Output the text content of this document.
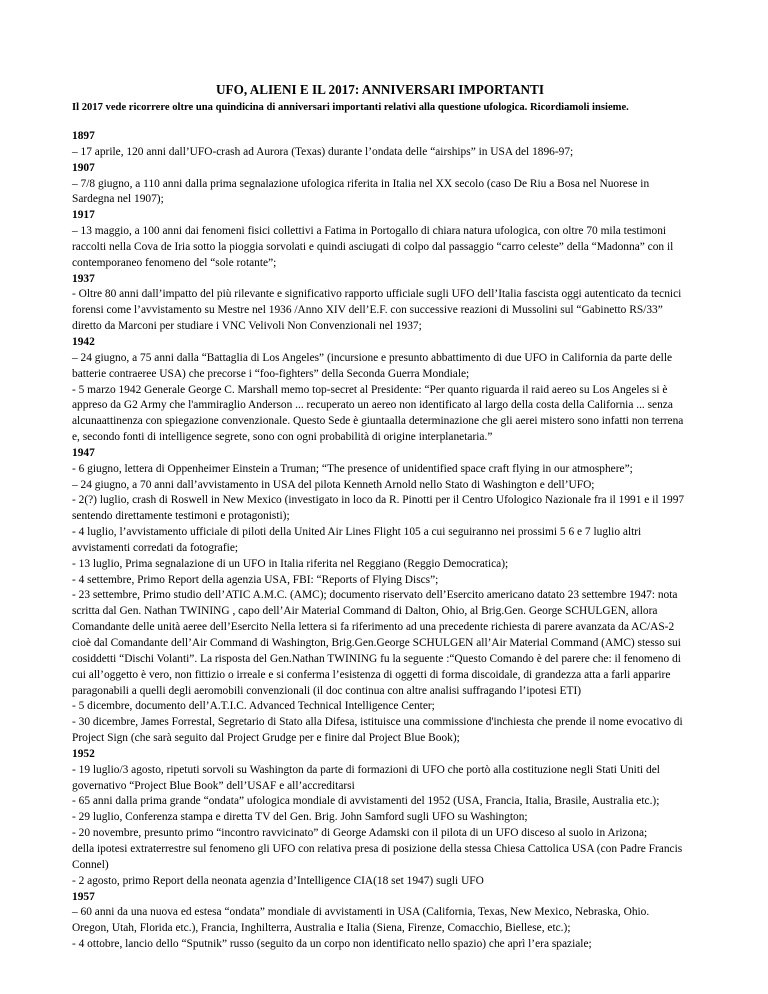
UFO, ALIENI E IL 2017: ANNIVERSARI IMPORTANTI
Il 2017 vede ricorrere oltre una quindicina di anniversari importanti relativi alla questione ufologica. Ricordiamoli insieme.
1897
– 17 aprile, 120 anni dall’UFO-crash ad Aurora (Texas) durante l’ondata delle “airships” in USA del 1896-97;
1907
– 7/8 giugno, a 110 anni dalla prima segnalazione ufologica riferita in Italia nel XX secolo (caso De Riu a Bosa nel Nuorese in Sardegna nel 1907);
1917
– 13 maggio, a 100 anni dai fenomeni fisici collettivi a Fatima in Portogallo di chiara natura ufologica, con oltre 70 mila testimoni raccolti nella Cova de Iria sotto la pioggia sorvolati e quindi asciugati di colpo dal passaggio “carro celeste” della “Madonna” con il contemporaneo fenomeno del “sole rotante”;
1937
- Oltre 80 anni dall’impatto del più rilevante e significativo rapporto ufficiale sugli UFO dell’Italia fascista oggi autenticato da tecnici forensi come l’avvistamento su Mestre nel 1936 /Anno XIV dell’E.F. con successive reazioni di Mussolini sul “Gabinetto RS/33” diretto da Marconi per studiare i VNC Velivoli Non Convenzionali nel 1937;
1942
– 24 giugno, a 75 anni dalla “Battaglia di Los Angeles” (incursione e presunto abbattimento di due UFO in California da parte delle batterie contraeree USA) che precorse i “foo-fighters” della Seconda Guerra Mondiale;
- 5 marzo 1942 Generale George C. Marshall memo top-secret al Presidente: “Per quanto riguarda il raid aereo su Los Angeles si è appreso da G2 Army che l'ammiraglio Anderson ... recuperato un aereo non identificato al largo della costa della California ... senza alcunaattinenza con spiegazione convenzionale. Questo Sede è giuntaalla determinazione che gli aerei mistero sono infatti non terrena e, secondo fonti di intelligence segrete, sono con ogni probabilità di origine interplanetaria.”
1947
- 6 giugno, lettera di Oppenheimer Einstein a Truman; “The presence of unidentified space craft flying in our atmosphere”;
– 24 giugno, a 70 anni dall’avvistamento in USA del pilota Kenneth Arnold nello Stato di Washington e dell’UFO;
- 2(?) luglio, crash di Roswell in New Mexico (investigato in loco da R. Pinotti per il Centro Ufologico Nazionale fra il 1991 e il 1997 sentendo direttamente testimoni e protagonisti);
- 4 luglio, l’avvistamento ufficiale di piloti della United Air Lines Flight 105 a cui seguiranno nei prossimi 5 6 e 7 luglio altri avvistamenti corredati da fotografie;
- 13 luglio, Prima segnalazione di un UFO in Italia riferita nel Reggiano (Reggio Democratica);
- 4 settembre, Primo Report della agenzia USA, FBI: “Reports of Flying Discs”;
- 23 settembre, Primo studio dell’ATIC A.M.C. (AMC); documento riservato dell’Esercito americano datato 23 settembre 1947: nota scritta dal Gen. Nathan TWINING , capo dell’Air Material Command di Dalton, Ohio, al Brig.Gen. George SCHULGEN, allora Comandante delle unità aeree dell’Esercito Nella lettera si fa riferimento ad una precedente richiesta di parere avanzata da AC/AS-2 cioè dal Comandante dell’Air Command di Washington, Brig.Gen.George SCHULGEN all’Air Material Command (AMC) stesso sui cosiddetti “Dischi Volanti”. La risposta del Gen.Nathan TWINING fu la seguente :“Questo Comando è del parere che: il fenomeno di cui all’oggetto è vero, non fittizio o irreale e si conferma l’esistenza di oggetti di forma discoidale, di grandezza atta a farli apparire paragonabili a quelli degli aeromobili convenzionali (il doc continua con altre analisi suffragando l’ipotesi ETI)
- 5 dicembre, documento dell’A.T.I.C. Advanced Technical Intelligence Center;
- 30 dicembre, James Forrestal, Segretario di Stato alla Difesa, istituisce una commissione d'inchiesta che prende il nome evocativo di Project Sign (che sarà seguito dal Project Grudge per e finire dal Project Blue Book);
1952
- 19 luglio/3 agosto, ripetuti sorvoli su Washington da parte di formazioni di UFO che portò alla costituzione negli Stati Uniti del governativo “Project Blue Book” dell’USAF e all’accreditarsi
- 65 anni dalla prima grande “ondata” ufologica mondiale di avvistamenti del 1952 (USA, Francia, Italia, Brasile, Australia etc.);
- 29 luglio, Conferenza stampa e diretta TV del Gen. Brig. John Samford sugli UFO su Washington;
- 20 novembre, presunto primo “incontro ravvicinato” di George Adamski con il pilota di un UFO disceso al suolo in Arizona;
della ipotesi extraterrestre sul fenomeno gli UFO con relativa presa di posizione della stessa Chiesa Cattolica USA (con Padre Francis Connel)
- 2 agosto, primo Report della neonata agenzia d’Intelligence CIA(18 set 1947) sugli UFO
1957
– 60 anni da una nuova ed estesa “ondata” mondiale di avvistamenti in USA (California, Texas, New Mexico, Nebraska, Ohio. Oregon, Utah, Florida etc.), Francia, Inghilterra, Australia e Italia (Siena, Firenze, Comacchio, Biellese, etc.);
- 4 ottobre, lancio dello “Sputnik” russo (seguito da un corpo non identificato nello spazio) che aprì l’era spaziale;
